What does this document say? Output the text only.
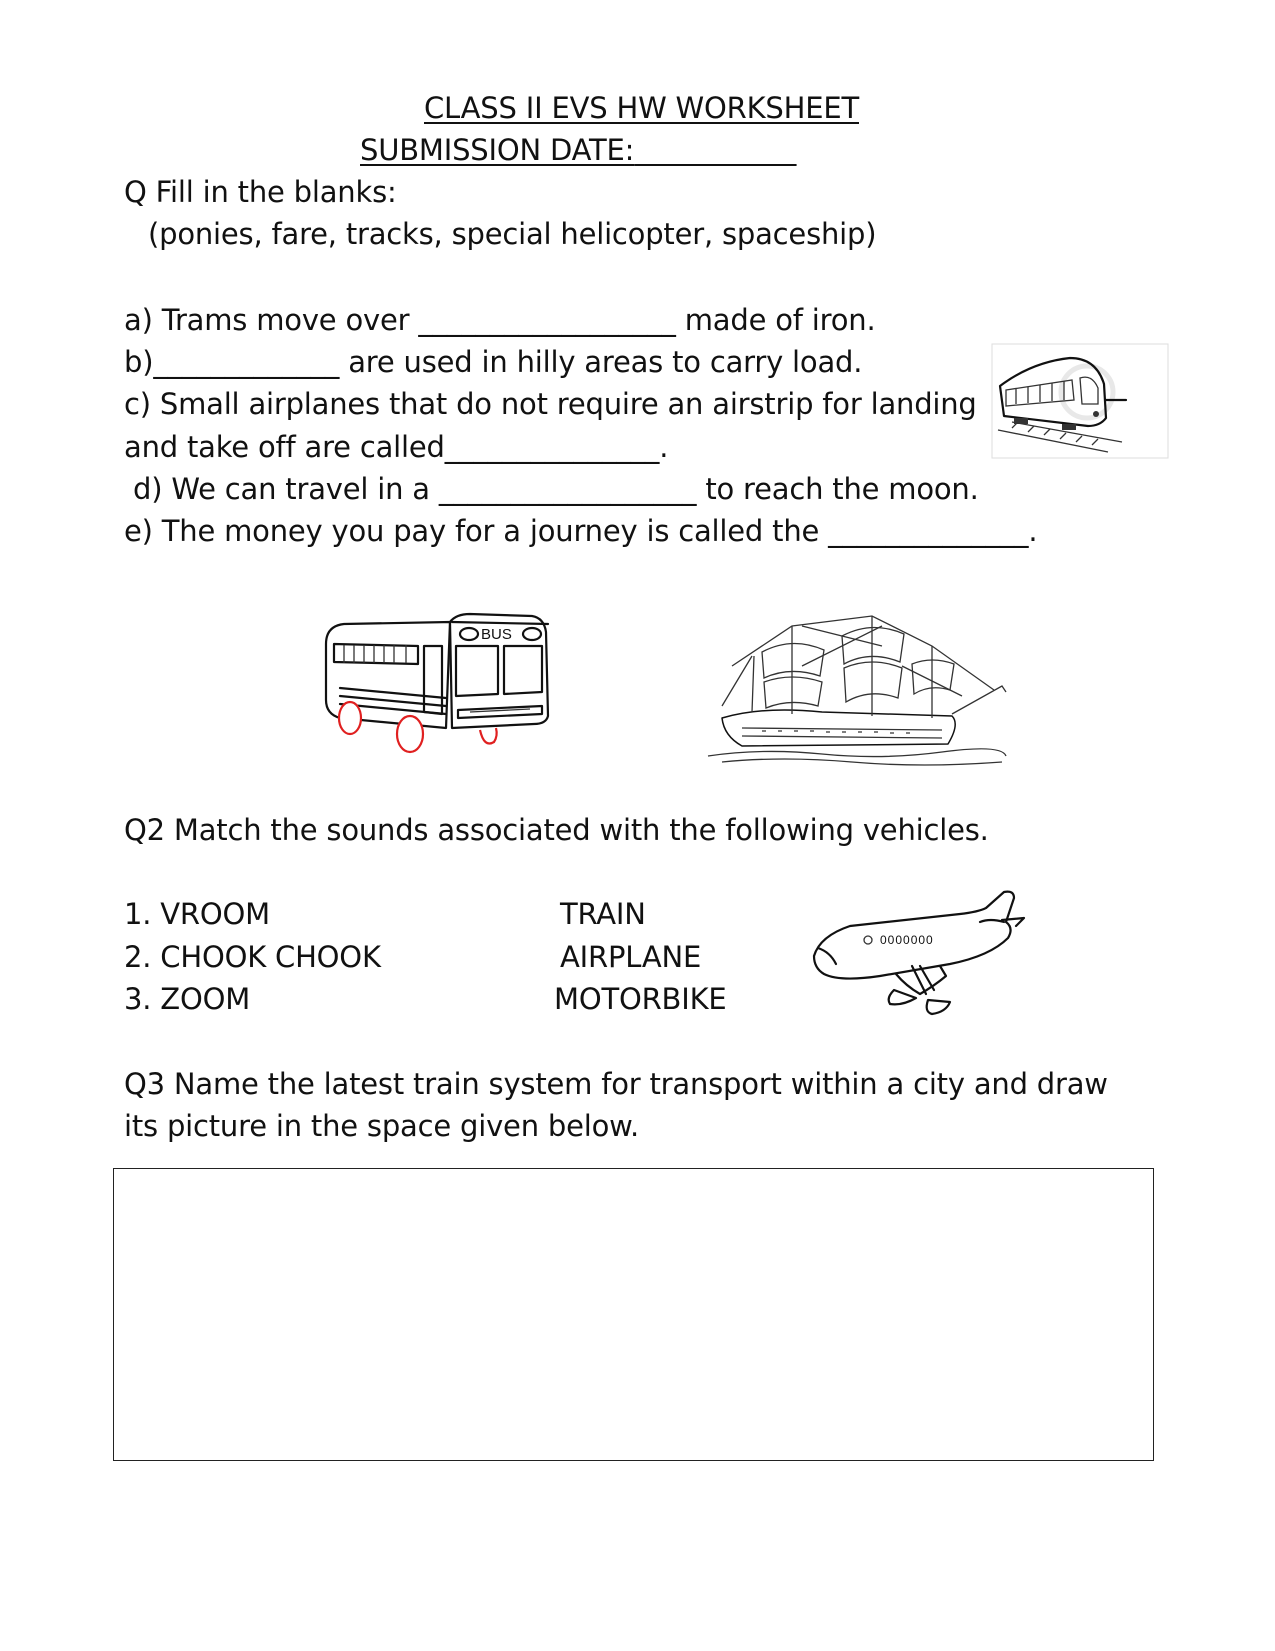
CLASS II EVS HW WORKSHEET
SUBMISSION DATE:
Q Fill in the blanks:
(ponies, fare, tracks, special helicopter, spaceship)
a) Trams move over __________________ made of iron.
b)_____________ are used in hilly areas to carry load.
c) Small airplanes that do not require an airstrip for landing
and take off are called_______________.
d) We can travel in a __________________ to reach the moon.
e) The money you pay for a journey is called the ______________.
BUS
Q2 Match the sounds associated with the following vehicles.
1. VROOM
2. CHOOK CHOOK
3. ZOOM
TRAIN
AIRPLANE
MOTORBIKE
0000000
Q3 Name the latest train system for transport within a city and draw
its picture in the space given below.
